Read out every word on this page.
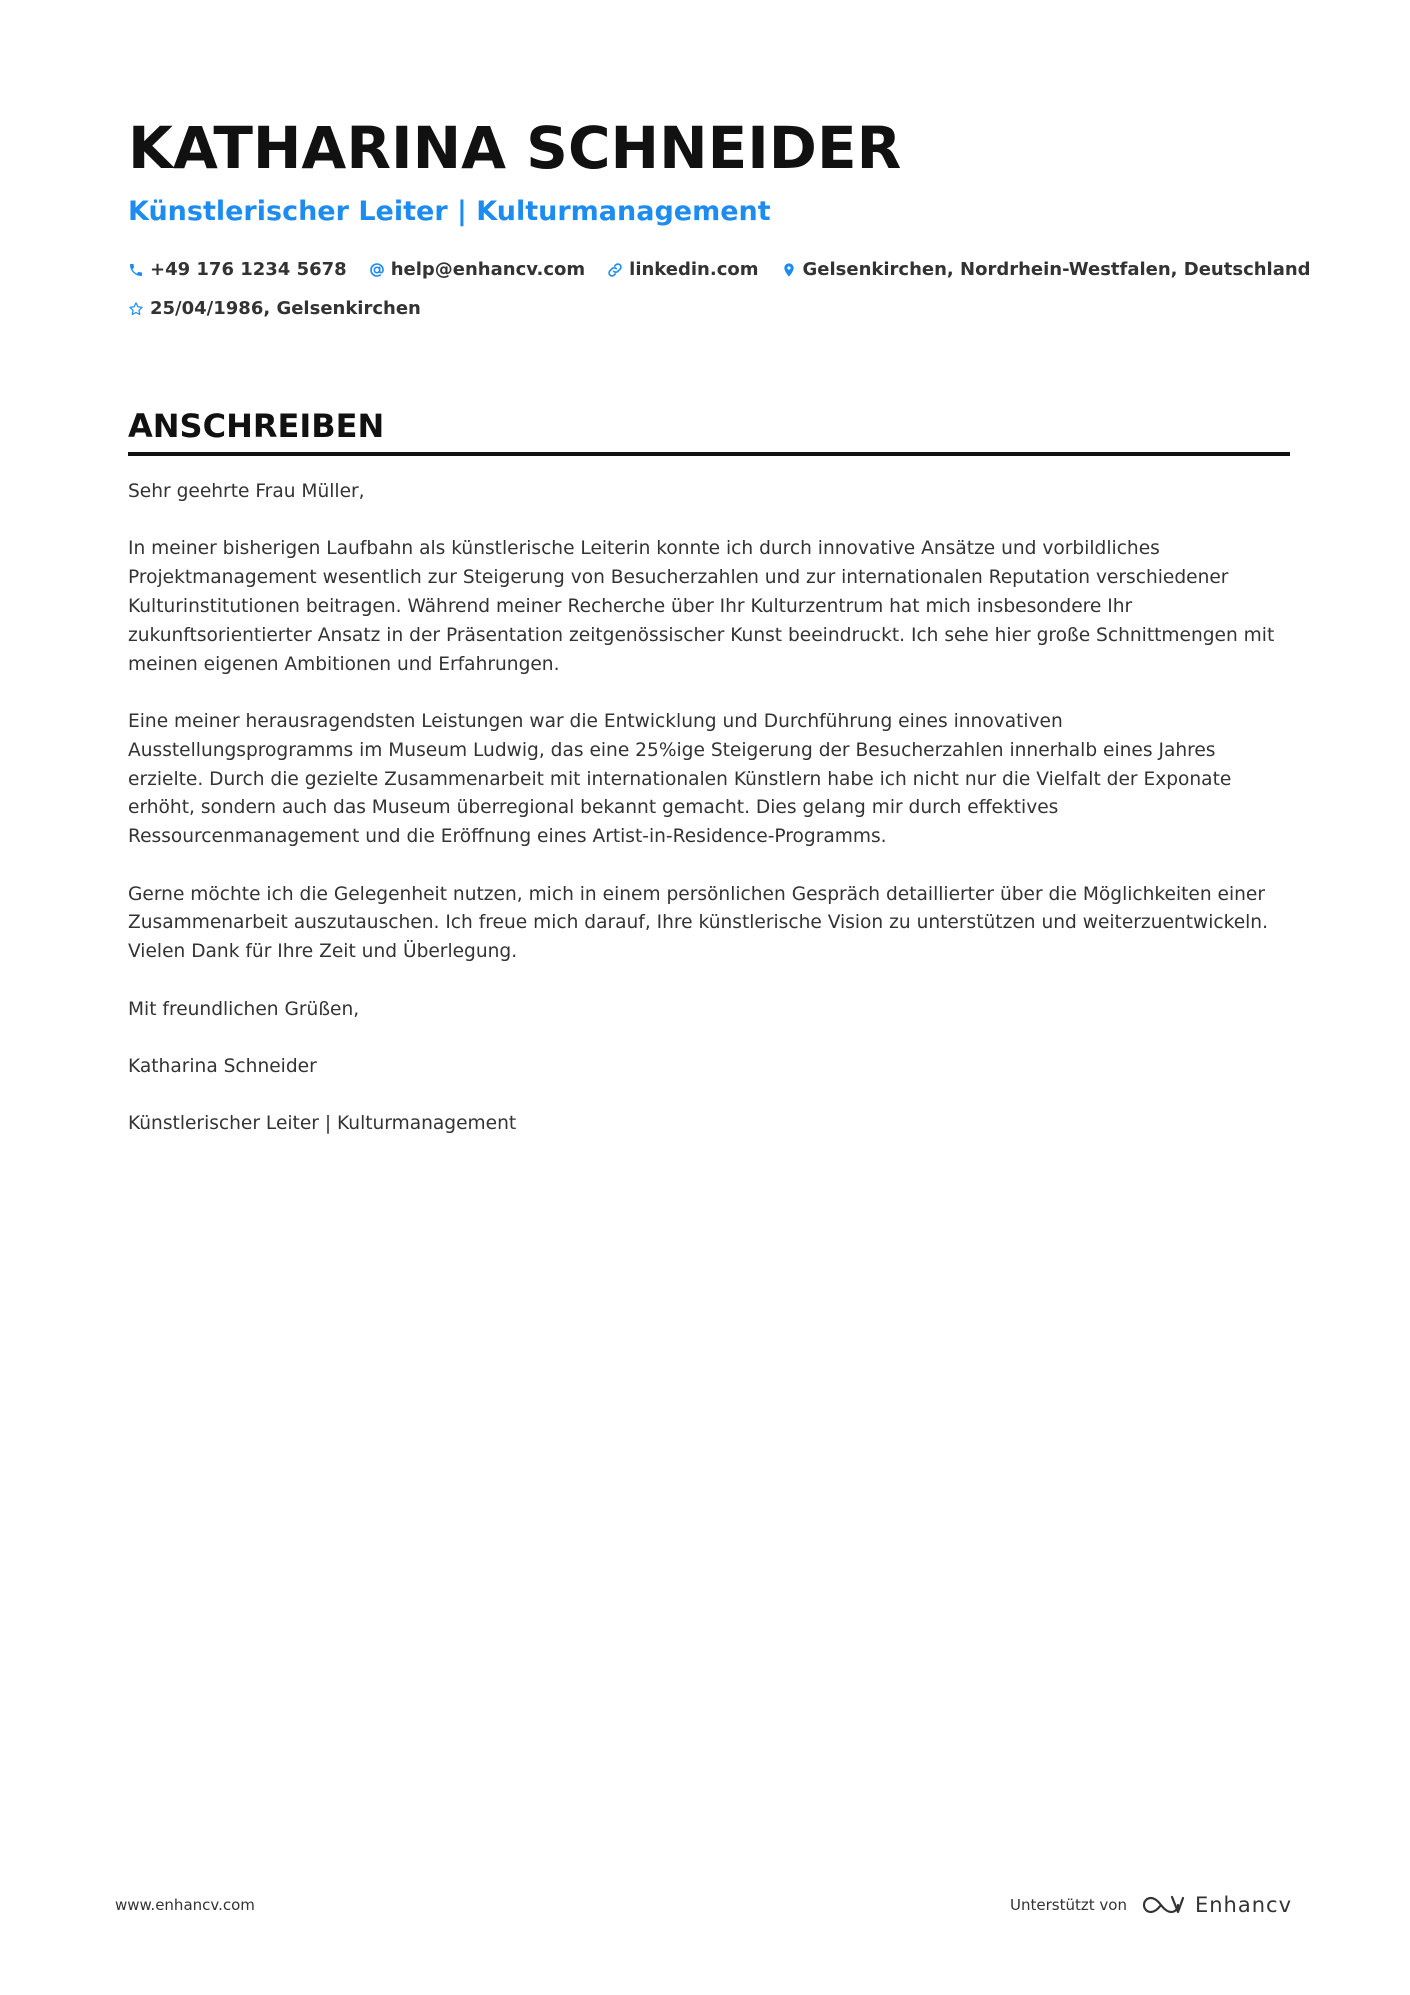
KATHARINA SCHNEIDER
Künstlerischer Leiter | Kulturmanagement
+49 176 1234 5678 help@enhancv.com linkedin.com Gelsenkirchen, Nordrhein-Westfalen, Deutschland
25/04/1986, Gelsenkirchen
ANSCHREIBEN

Sehr geehrte Frau Müller,

In meiner bisherigen Laufbahn als künstlerische Leiterin konnte ich durch innovative Ansätze und vorbildliches Projektmanagement wesentlich zur Steigerung von Besucherzahlen und zur internationalen Reputation verschiedener Kulturinstitutionen beitragen. Während meiner Recherche über Ihr Kulturzentrum hat mich insbesondere Ihr zukunftsorientierter Ansatz in der Präsentation zeitgenössischer Kunst beeindruckt. Ich sehe hier große Schnittmengen mit meinen eigenen Ambitionen und Erfahrungen.

Eine meiner herausragendsten Leistungen war die Entwicklung und Durchführung eines innovativen Ausstellungsprogramms im Museum Ludwig, das eine 25%ige Steigerung der Besucherzahlen innerhalb eines Jahres erzielte. Durch die gezielte Zusammenarbeit mit internationalen Künstlern habe ich nicht nur die Vielfalt der Exponate erhöht, sondern auch das Museum überregional bekannt gemacht. Dies gelang mir durch effektives Ressourcenmanagement und die Eröffnung eines Artist-in-Residence-Programms.

Gerne möchte ich die Gelegenheit nutzen, mich in einem persönlichen Gespräch detaillierter über die Möglichkeiten einer Zusammenarbeit auszutauschen. Ich freue mich darauf, Ihre künstlerische Vision zu unterstützen und weiterzuentwickeln. Vielen Dank für Ihre Zeit und Überlegung.

Mit freundlichen Grüßen,

Katharina Schneider

Künstlerischer Leiter | Kulturmanagement

www.enhancv.com	Unterstützt von	Enhancv
